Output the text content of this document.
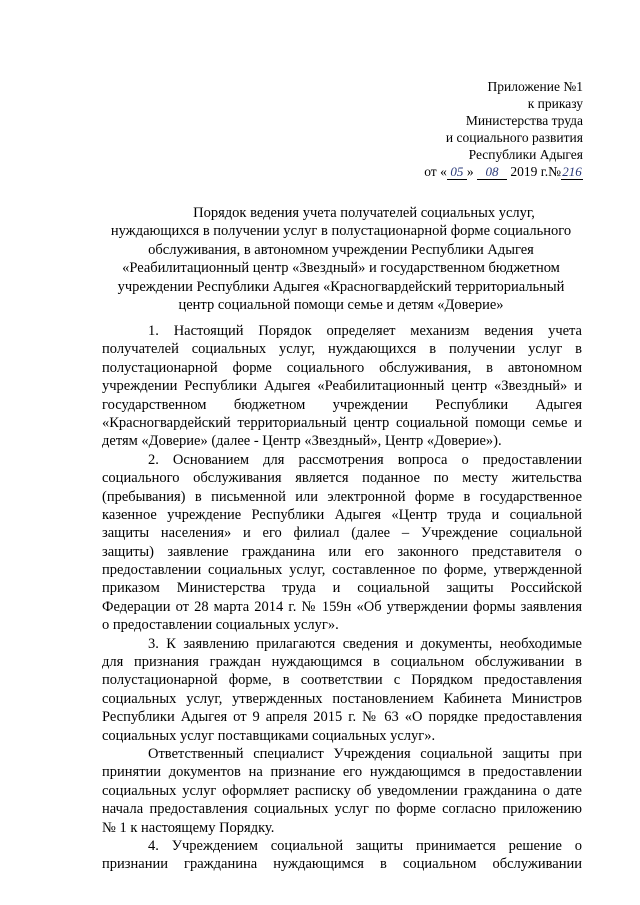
Приложение №1
к приказу
Министерства труда
и социального развития
Республики Адыгея
от « 05 » 08 2019 г.№216
Порядок ведения учета получателей социальных услуг,
нуждающихся в получении услуг в полустационарной форме социального
обслуживания, в автономном учреждении Республики Адыгея
«Реабилитационный центр «Звездный» и государственном бюджетном
учреждении Республики Адыгея «Красногвардейский территориальный
центр социальной помощи семье и детям «Доверие»
1. Настоящий Порядок определяет механизм ведения учета
получателей социальных услуг, нуждающихся в получении услуг в
полустационарной форме социального обслуживания, в автономном
учреждении Республики Адыгея «Реабилитационный центр «Звездный» и
государственном бюджетном учреждении Республики Адыгея
«Красногвардейский территориальный центр социальной помощи семье и
детям «Доверие» (далее - Центр «Звездный», Центр «Доверие»).
2. Основанием для рассмотрения вопроса о предоставлении
социального обслуживания является поданное по месту жительства
(пребывания) в письменной или электронной форме в государственное
казенное учреждение Республики Адыгея «Центр труда и социальной
защиты населения» и его филиал (далее – Учреждение социальной
защиты) заявление гражданина или его законного представителя о
предоставлении социальных услуг, составленное по форме, утвержденной
приказом Министерства труда и социальной защиты Российской
Федерации от 28 марта 2014 г. № 159н «Об утверждении формы заявления
о предоставлении социальных услуг».
3. К заявлению прилагаются сведения и документы, необходимые
для признания граждан нуждающимся в социальном обслуживании в
полустационарной форме, в соответствии с Порядком предоставления
социальных услуг, утвержденных постановлением Кабинета Министров
Республики Адыгея от 9 апреля 2015 г. № 63 «О порядке предоставления
социальных услуг поставщиками социальных услуг».
Ответственный специалист Учреждения социальной защиты при
принятии документов на признание его нуждающимся в предоставлении
социальных услуг оформляет расписку об уведомлении гражданина о дате
начала предоставления социальных услуг по форме согласно приложению
№ 1 к настоящему Порядку.
4. Учреждением социальной защиты принимается решение о
признании гражданина нуждающимся в социальном обслуживании
